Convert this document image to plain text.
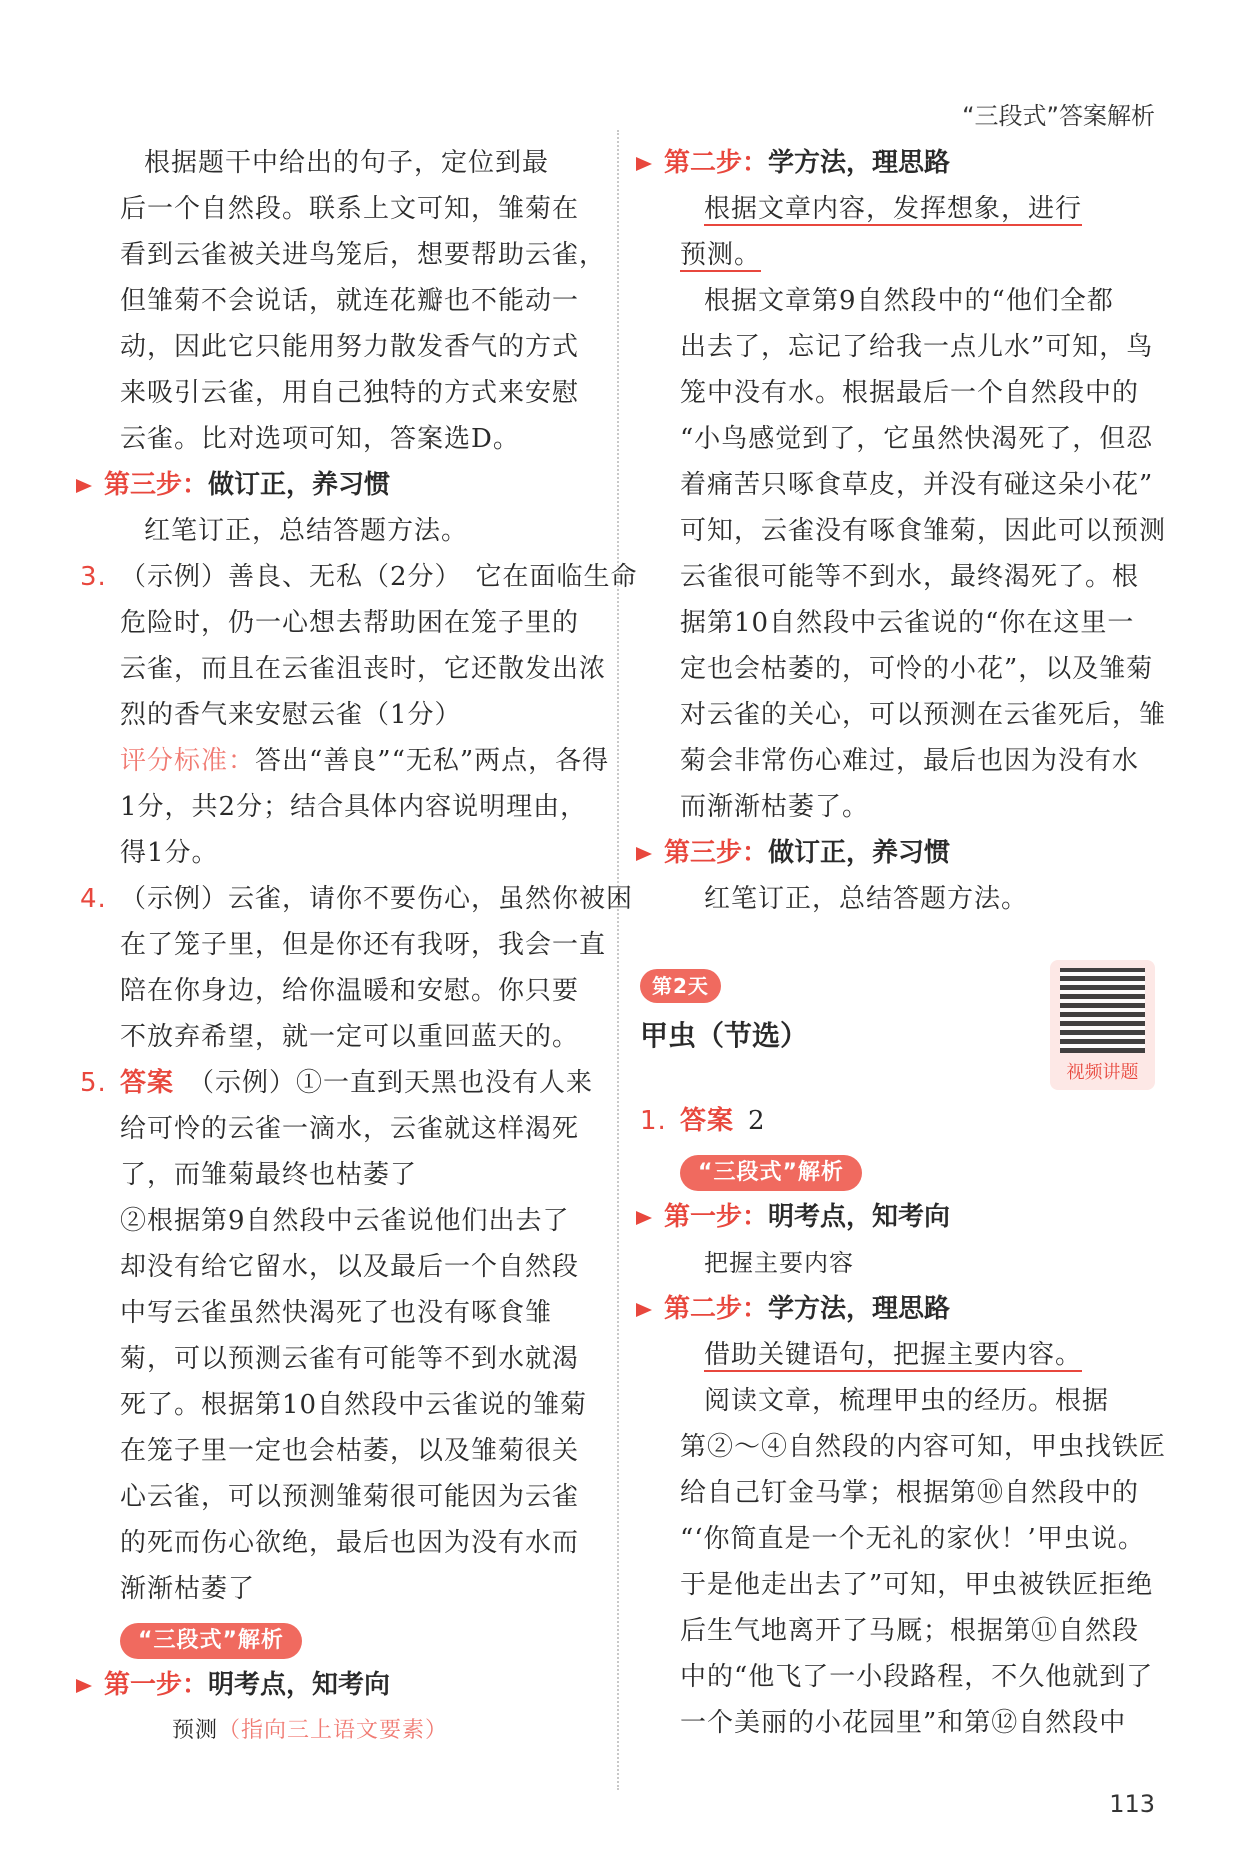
“三段式”答案解析
根据题干中给出的句子，定位到最
后一个自然段。联系上文可知，雏菊在
看到云雀被关进鸟笼后，想要帮助云雀，
但雏菊不会说话，就连花瓣也不能动一
动，因此它只能用努力散发香气的方式
来吸引云雀，用自己独特的方式来安慰
云雀。比对选项可知，答案选D。
第三步：做订正，养习惯
红笔订正，总结答题方法。
3. （示例）善良、无私（2分）　它在面临生命
危险时，仍一心想去帮助困在笼子里的
云雀，而且在云雀沮丧时，它还散发出浓
烈的香气来安慰云雀（1分）
评分标准：答出“善良”“无私”两点，各得
1分，共2分；结合具体内容说明理由，
得1分。
4. （示例）云雀，请你不要伤心，虽然你被困
在了笼子里，但是你还有我呀，我会一直
陪在你身边，给你温暖和安慰。你只要
不放弃希望，就一定可以重回蓝天的。
5. 答案 （示例）①一直到天黑也没有人来
给可怜的云雀一滴水，云雀就这样渴死
了，而雏菊最终也枯萎了
②根据第9自然段中云雀说他们出去了
却没有给它留水，以及最后一个自然段
中写云雀虽然快渴死了也没有啄食雏
菊，可以预测云雀有可能等不到水就渴
死了。根据第10自然段中云雀说的雏菊
在笼子里一定也会枯萎，以及雏菊很关
心云雀，可以预测雏菊很可能因为云雀
的死而伤心欲绝，最后也因为没有水而
渐渐枯萎了
“三段式”解析
第一步：明考点，知考向
预测（指向三上语文要素）
第二步：学方法，理思路
根据文章内容，发挥想象，进行
预测。
根据文章第9自然段中的“他们全都
出去了，忘记了给我一点儿水”可知，鸟
笼中没有水。根据最后一个自然段中的
“小鸟感觉到了，它虽然快渴死了，但忍
着痛苦只啄食草皮，并没有碰这朵小花”
可知，云雀没有啄食雏菊，因此可以预测
云雀很可能等不到水，最终渴死了。根
据第10自然段中云雀说的“你在这里一
定也会枯萎的，可怜的小花”，以及雏菊
对云雀的关心，可以预测在云雀死后，雏
菊会非常伤心难过，最后也因为没有水
而渐渐枯萎了。
第三步：做订正，养习惯
红笔订正，总结答题方法。
第2天
甲虫（节选）
1. 答案 2
“三段式”解析
第一步：明考点，知考向
把握主要内容
第二步：学方法，理思路
借助关键语句，把握主要内容。
阅读文章，梳理甲虫的经历。根据
第②～④自然段的内容可知，甲虫找铁匠
给自己钉金马掌；根据第⑩自然段中的
“‘你简直是一个无礼的家伙！’甲虫说。
于是他走出去了”可知，甲虫被铁匠拒绝
后生气地离开了马厩；根据第⑪自然段
中的“他飞了一小段路程，不久他就到了
一个美丽的小花园里”和第⑫自然段中
视频讲题
113
